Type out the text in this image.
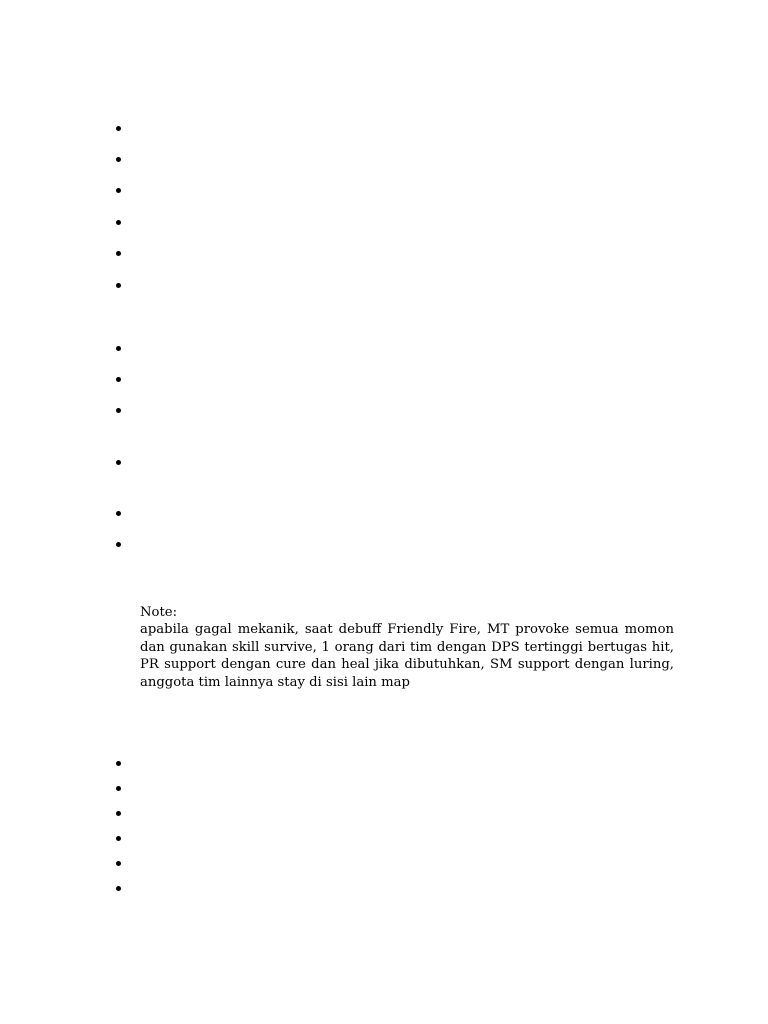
Note:
apabila gagal mekanik, saat debuff Friendly Fire, MT provoke semua momon dan gunakan skill survive, 1 orang dari tim dengan DPS tertinggi bertugas hit, PR support dengan cure dan heal jika dibutuhkan, SM support dengan luring, anggota tim lainnya stay di sisi lain map
